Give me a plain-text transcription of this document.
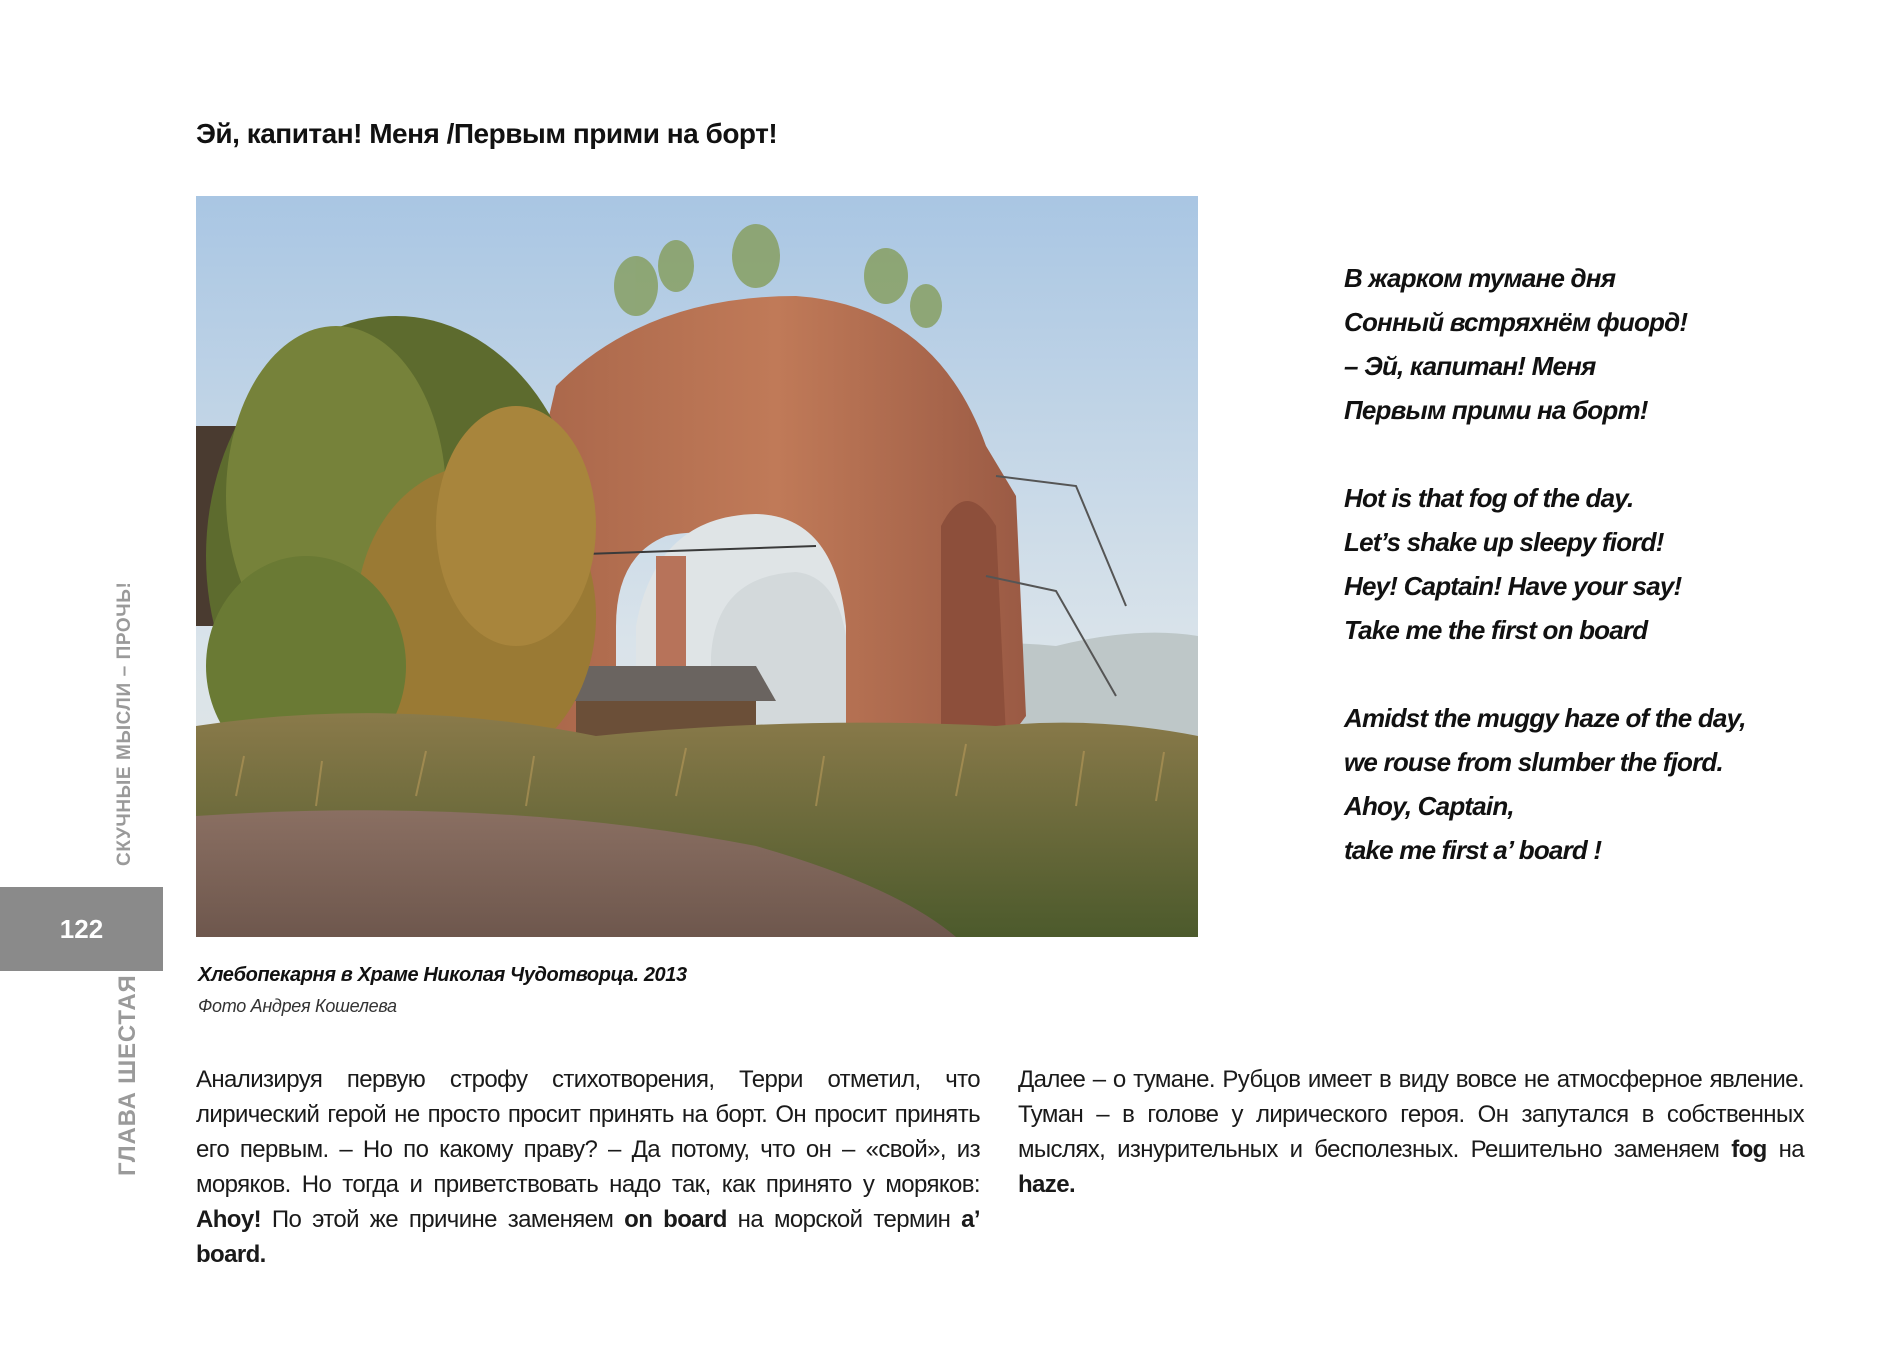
Эй, капитан! Меня /Первым прими на борт!
Хлебопекарня в Храме Николая Чудотворца. 2013
Фото Андрея Кошелева
В жарком тумане дня
Сонный встряхнём фиорд!
– Эй, капитан! Меня
Первым прими на борт!
Hot is that fog of the day.
Let’s shake up sleepy fiord!
Hey! Captain! Have your say!
Take me the first on board
Amidst the muggy haze of the day,
we rouse from slumber the fjord.
Ahoy, Captain,
take me first a’ board !
Анализируя первую строфу стихотворения, Терри отметил, что лирический герой не просто просит принять на борт. Он просит принять его первым. – Но по какому праву? – Да потому, что он – «свой», из моряков. Но тогда и приветствовать надо так, как принято у моряков: Ahoy! По этой же причине заменяем on board на морской термин a’ board.
Далее – о тумане. Рубцов имеет в виду вовсе не атмосферное явление. Туман – в голове у лирического героя. Он запутался в собственных мыслях, изнурительных и бесполезных. Решительно заменяем fog на haze.
СКУЧНЫЕ МЫСЛИ – ПРОЧЬ!
122
ГЛАВА ШЕСТАЯ
